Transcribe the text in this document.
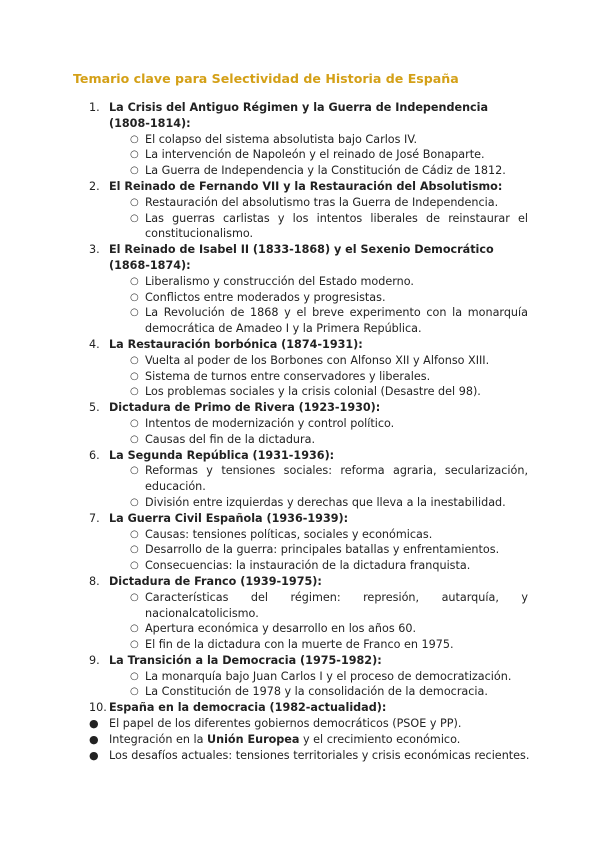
Temario clave para Selectividad de Historia de España
1. La Crisis del Antiguo Régimen y la Guerra de Independencia (1808-1814):
○ El colapso del sistema absolutista bajo Carlos IV.
○ La intervención de Napoleón y el reinado de José Bonaparte.
○ La Guerra de Independencia y la Constitución de Cádiz de 1812.
2. El Reinado de Fernando VII y la Restauración del Absolutismo:
○ Restauración del absolutismo tras la Guerra de Independencia.
○ Las guerras carlistas y los intentos liberales de reinstaurar el constitucionalismo.
3. El Reinado de Isabel II (1833-1868) y el Sexenio Democrático (1868-1874):
○ Liberalismo y construcción del Estado moderno.
○ Conflictos entre moderados y progresistas.
○ La Revolución de 1868 y el breve experimento con la monarquía democrática de Amadeo I y la Primera República.
4. La Restauración borbónica (1874-1931):
○ Vuelta al poder de los Borbones con Alfonso XII y Alfonso XIII.
○ Sistema de turnos entre conservadores y liberales.
○ Los problemas sociales y la crisis colonial (Desastre del 98).
5. Dictadura de Primo de Rivera (1923-1930):
○ Intentos de modernización y control político.
○ Causas del fin de la dictadura.
6. La Segunda República (1931-1936):
○ Reformas y tensiones sociales: reforma agraria, secularización, educación.
○ División entre izquierdas y derechas que lleva a la inestabilidad.
7. La Guerra Civil Española (1936-1939):
○ Causas: tensiones políticas, sociales y económicas.
○ Desarrollo de la guerra: principales batallas y enfrentamientos.
○ Consecuencias: la instauración de la dictadura franquista.
8. Dictadura de Franco (1939-1975):
○ Características del régimen: represión, autarquía, y nacionalcatolicismo.
○ Apertura económica y desarrollo en los años 60.
○ El fin de la dictadura con la muerte de Franco en 1975.
9. La Transición a la Democracia (1975-1982):
○ La monarquía bajo Juan Carlos I y el proceso de democratización.
○ La Constitución de 1978 y la consolidación de la democracia.
10. España en la democracia (1982-actualidad):
● El papel de los diferentes gobiernos democráticos (PSOE y PP).
● Integración en la Unión Europea y el crecimiento económico.
● Los desafíos actuales: tensiones territoriales y crisis económicas recientes.
